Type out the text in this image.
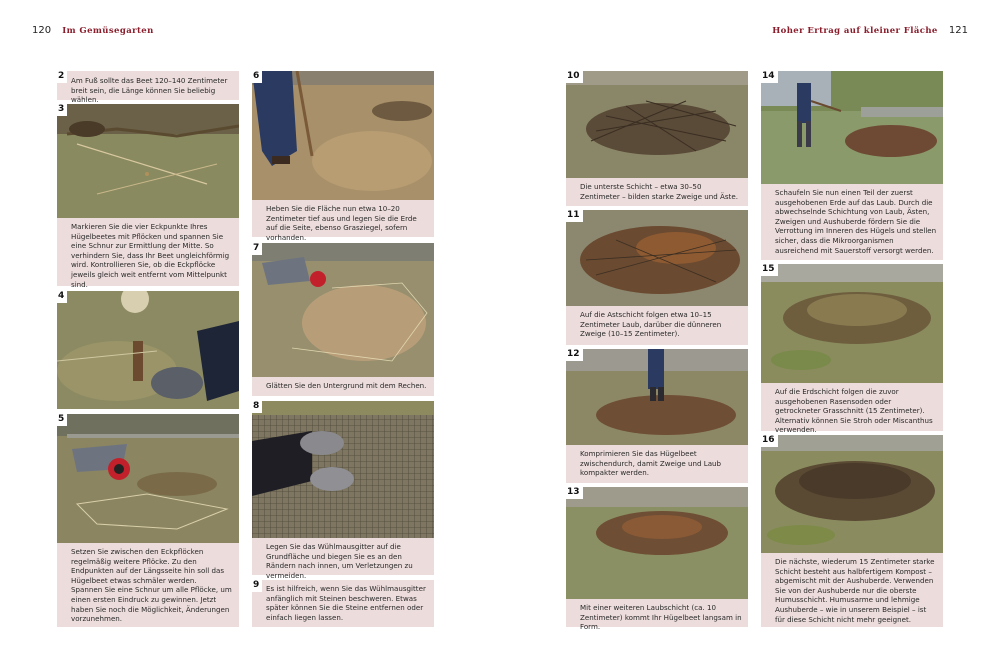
120 Im Gemüsegarten	Hoher Ertrag auf kleiner Fläche 121
2 Am Fuß sollte das Beet 120–140 Zentimeter breit sein, die Länge können Sie beliebig wählen.
3
Markieren Sie die vier Eckpunkte Ihres Hügelbeetes mit Pflöcken und spannen Sie eine Schnur zur Ermittlung der Mitte. So verhindern Sie, dass Ihr Beet ungleichförmig wird. Kontrollieren Sie, ob die Eckpflöcke jeweils gleich weit entfernt vom Mittelpunkt sind.
4
5
Setzen Sie zwischen den Eckpflöcken regelmäßig weitere Pflöcke. Zu den Endpunkten auf der Längsseite hin soll das Hügelbeet etwas schmäler werden.
Spannen Sie eine Schnur um alle Pflöcke, um einen ersten Eindruck zu gewinnen. Jetzt haben Sie noch die Möglichkeit, Änderungen vorzunehmen.
6
Heben Sie die Fläche nun etwa 10–20 Zentimeter tief aus und legen Sie die Erde auf die Seite, ebenso Grasziegel, sofern vorhanden.
7
Glätten Sie den Untergrund mit dem Rechen.
8
Legen Sie das Wühlmausgitter auf die Grundfläche und biegen Sie es an den Rändern nach innen, um Verletzungen zu vermeiden.
9 Es ist hilfreich, wenn Sie das Wühlmausgitter anfänglich mit Steinen beschweren. Etwas später können Sie die Steine entfernen oder einfach liegen lassen.
10
Die unterste Schicht – etwa 30–50 Zentimeter – bilden starke Zweige und Äste.
11
Auf die Astschicht folgen etwa 10–15 Zentimeter Laub, darüber die dünneren Zweige (10–15 Zentimeter).
12
Komprimieren Sie das Hügelbeet zwischendurch, damit Zweige und Laub kompakter werden.
13
Mit einer weiteren Laubschicht (ca. 10 Zentimeter) kommt Ihr Hügelbeet langsam in Form.
14
Schaufeln Sie nun einen Teil der zuerst ausgehobenen Erde auf das Laub. Durch die abwechselnde Schichtung von Laub, Ästen, Zweigen und Aushuberde fördern Sie die Verrottung im Inneren des Hügels und stellen sicher, dass die Mikroorganismen ausreichend mit Sauerstoff versorgt werden.
15
Auf die Erdschicht folgen die zuvor ausgehobenen Rasensoden oder getrockneter Grasschnitt (15 Zentimeter). Alternativ können Sie Stroh oder Miscanthus verwenden.
16
Die nächste, wiederum 15 Zentimeter starke Schicht besteht aus halbfertigem Kompost – abgemischt mit der Aushuberde. Verwenden Sie von der Aushuberde nur die oberste Humusschicht. Humusarme und lehmige Aushuberde – wie in unserem Beispiel – ist für diese Schicht nicht mehr geeignet.
